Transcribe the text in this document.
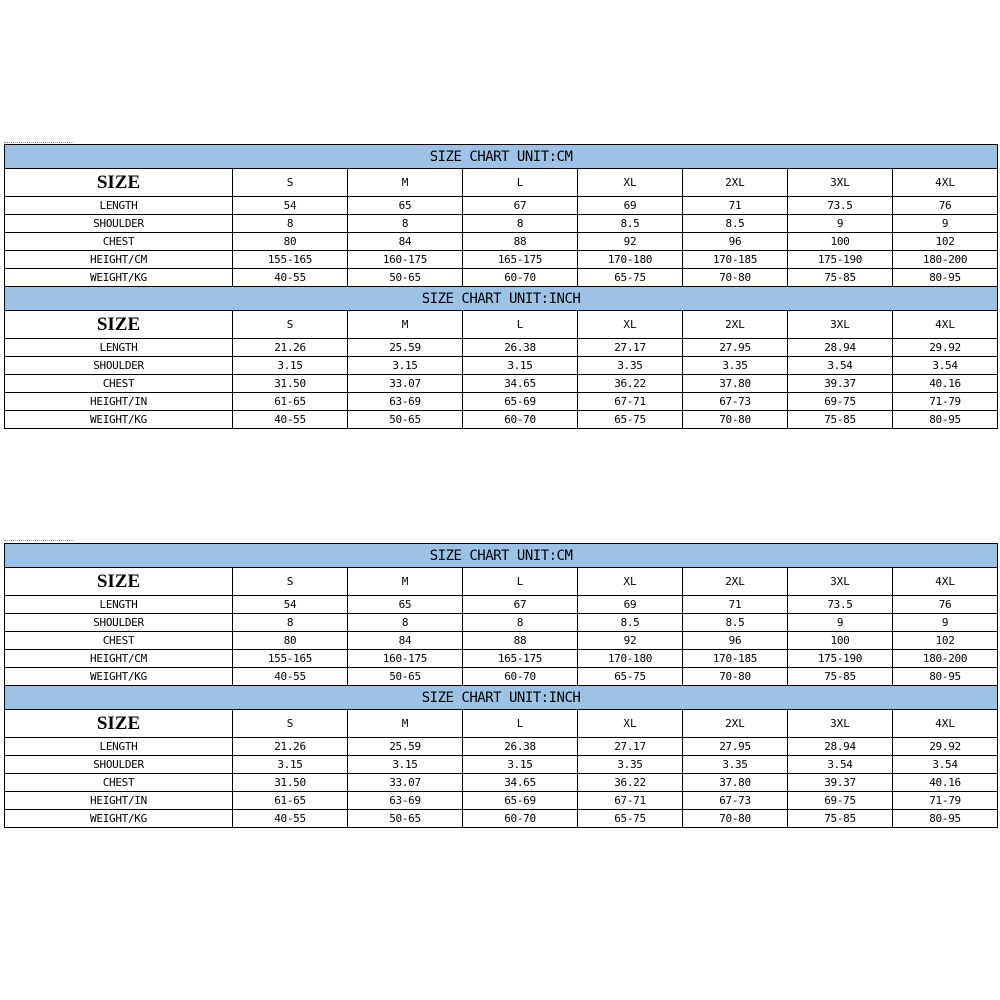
SIZE CHART UNIT:CM							
SIZE	S	M	L	XL	2XL	3XL	4XL
LENGTH	54	65	67	69	71	73.5	76
SHOULDER	8	8	8	8.5	8.5	9	9
CHEST	80	84	88	92	96	100	102
HEIGHT/CM	155-165	160-175	165-175	170-180	170-185	175-190	180-200
WEIGHT/KG	40-55	50-65	60-70	65-75	70-80	75-85	80-95
SIZE CHART UNIT:INCH							
SIZE	S	M	L	XL	2XL	3XL	4XL
LENGTH	21.26	25.59	26.38	27.17	27.95	28.94	29.92
SHOULDER	3.15	3.15	3.15	3.35	3.35	3.54	3.54
CHEST	31.50	33.07	34.65	36.22	37.80	39.37	40.16
HEIGHT/IN	61-65	63-69	65-69	67-71	67-73	69-75	71-79
WEIGHT/KG	40-55	50-65	60-70	65-75	70-80	75-85	80-95
SIZE CHART UNIT:CM							
SIZE	S	M	L	XL	2XL	3XL	4XL
LENGTH	54	65	67	69	71	73.5	76
SHOULDER	8	8	8	8.5	8.5	9	9
CHEST	80	84	88	92	96	100	102
HEIGHT/CM	155-165	160-175	165-175	170-180	170-185	175-190	180-200
WEIGHT/KG	40-55	50-65	60-70	65-75	70-80	75-85	80-95
SIZE CHART UNIT:INCH							
SIZE	S	M	L	XL	2XL	3XL	4XL
LENGTH	21.26	25.59	26.38	27.17	27.95	28.94	29.92
SHOULDER	3.15	3.15	3.15	3.35	3.35	3.54	3.54
CHEST	31.50	33.07	34.65	36.22	37.80	39.37	40.16
HEIGHT/IN	61-65	63-69	65-69	67-71	67-73	69-75	71-79
WEIGHT/KG	40-55	50-65	60-70	65-75	70-80	75-85	80-95
